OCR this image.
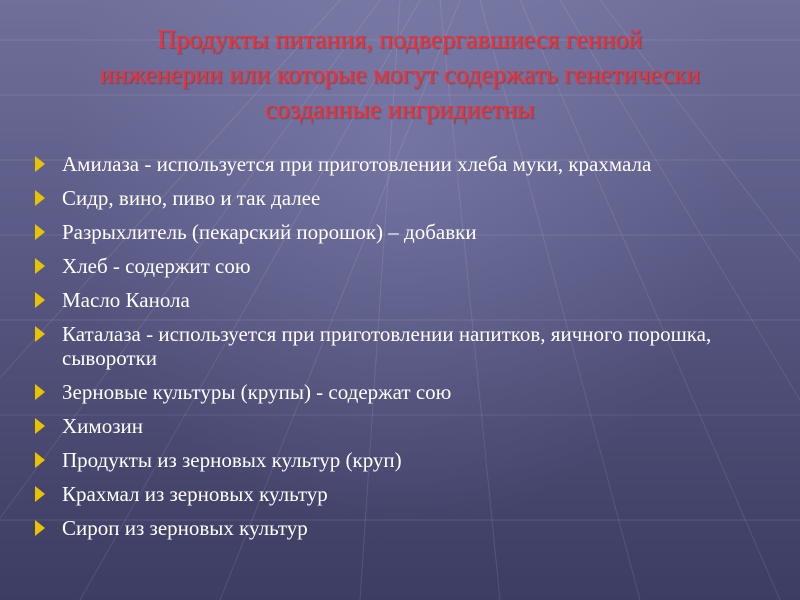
Продукты питания, подвергавшиеся генной
инженерии или которые могут содержать генетически
созданные ингридиетны
Амилаза - используется при приготовлении хлеба муки, крахмала
Сидр, вино, пиво и так далее
Разрыхлитель (пекарский порошок) – добавки
Хлеб - содержит сою
Масло Канола
Каталаза - используется при приготовлении напитков, яичного порошка, сыворотки
Зерновые культуры (крупы) - содержат сою
Химозин
Продукты из зерновых культур (круп)
Крахмал из зерновых культур
Сироп из зерновых культур
